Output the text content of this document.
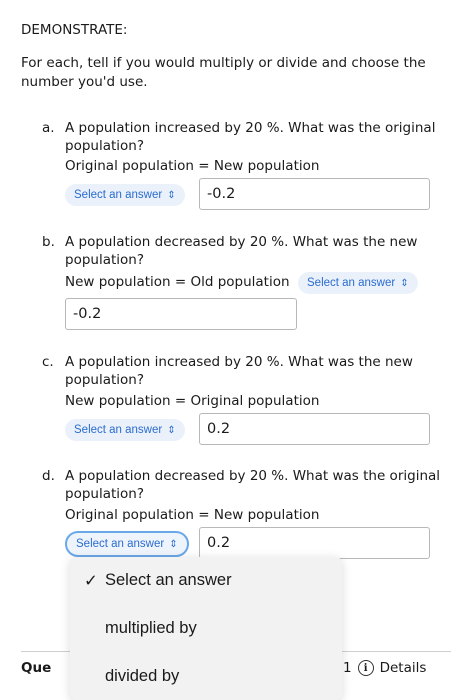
DEMONSTRATE:
For each, tell if you would multiply or divide and choose the number you'd use.
a. A population increased by 20 %. What was the original population?
Original population = New population
Select an answer ⇕	-0.2
b. A population decreased by 20 %. What was the new population?
New population = Old population Select an answer ⇕
-0.2
c. A population increased by 20 %. What was the new population?
New population = Original population
Select an answer ⇕	0.2
d. A population decreased by 20 %. What was the original population?
Original population = New population
Select an answer ⇕	0.2
Que	1	i Details
✓ Select an answer
multiplied by
divided by
